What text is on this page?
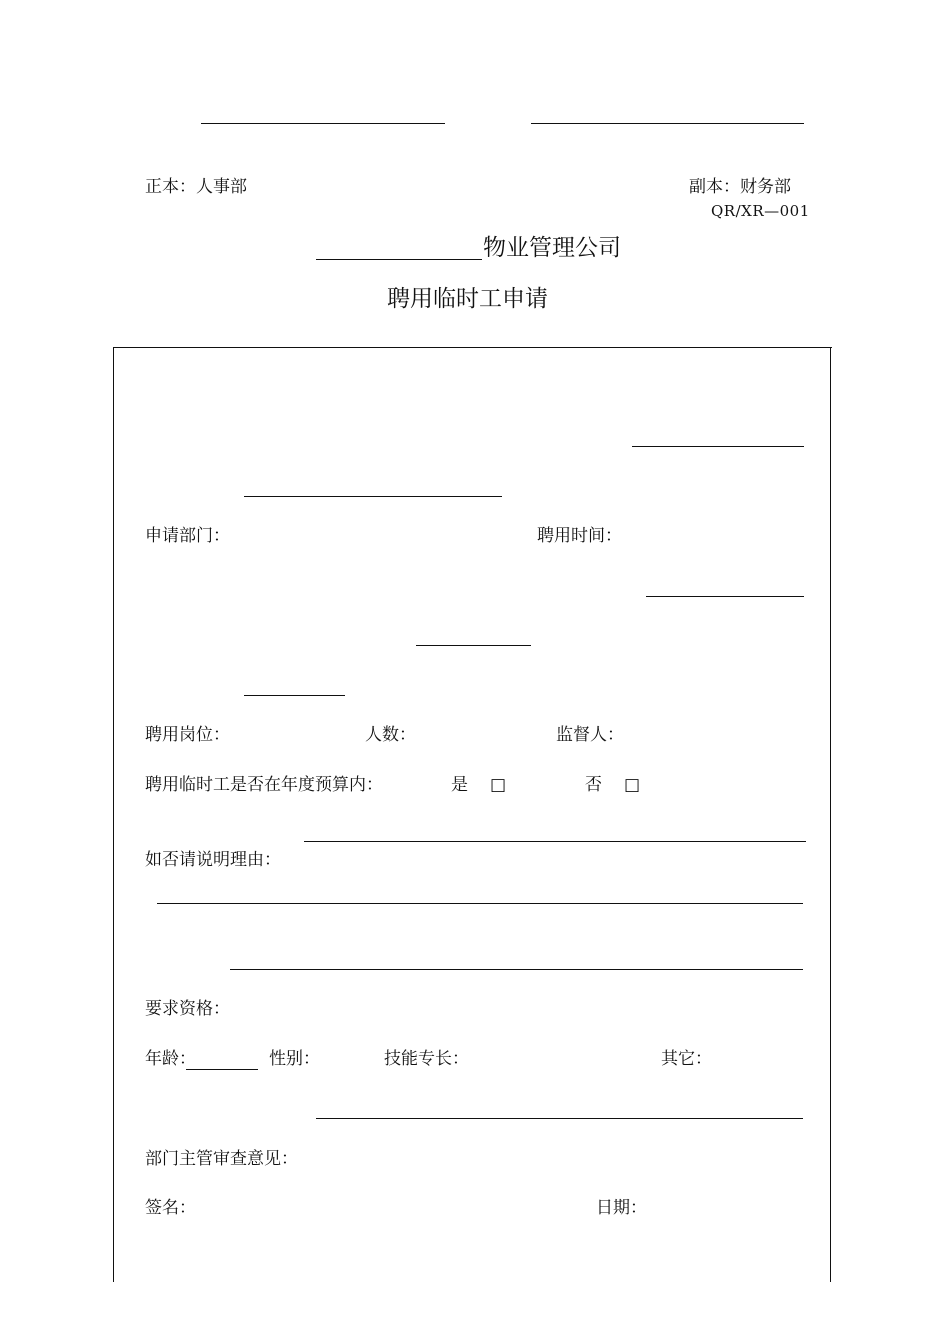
正本：人事部	副本：财务部
QR/XR—001
物业管理公司
聘用临时工申请
申请部门：	聘用时间：
聘用岗位：	人数：	监督人：
聘用临时工是否在年度预算内：	是 □	否 □
如否请说明理由：
要求资格：
年龄：	性别：	技能专长：	其它：
部门主管审查意见：
签名：	日期：
